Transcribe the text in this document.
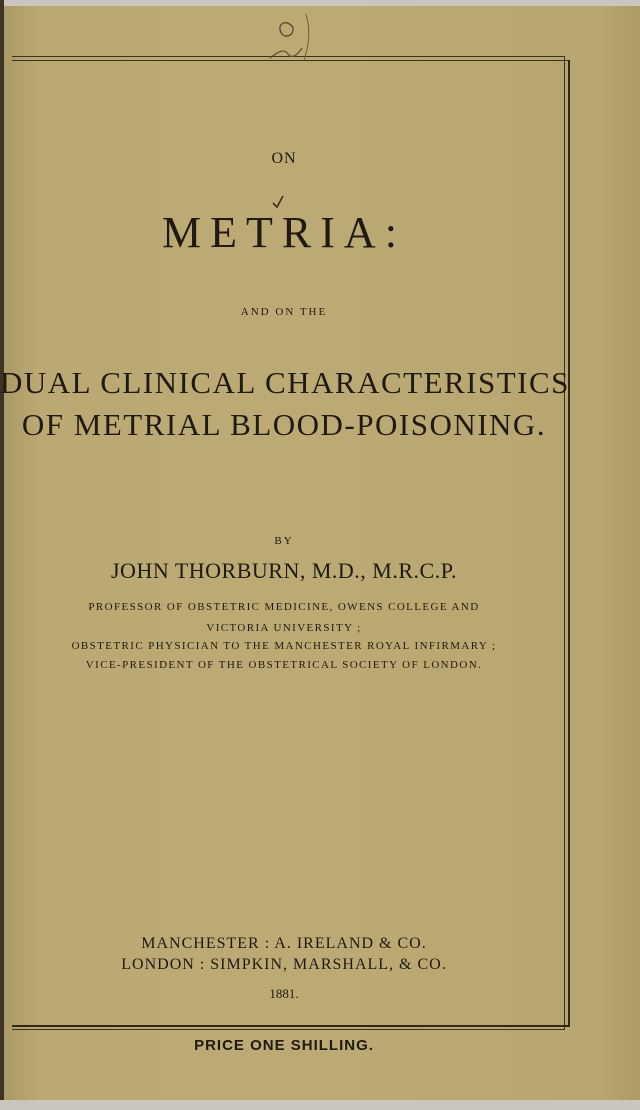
ON
METRIA:
AND ON THE
DUAL CLINICAL CHARACTERISTICS
OF METRIAL BLOOD-POISONING.
BY
JOHN THORBURN, M.D., M.R.C.P.
PROFESSOR OF OBSTETRIC MEDICINE, OWENS COLLEGE AND
VICTORIA UNIVERSITY ;
OBSTETRIC PHYSICIAN TO THE MANCHESTER ROYAL INFIRMARY ;
VICE-PRESIDENT OF THE OBSTETRICAL SOCIETY OF LONDON.
MANCHESTER : A. IRELAND & CO.
LONDON : SIMPKIN, MARSHALL, & CO.
1881.
PRICE ONE SHILLING.
